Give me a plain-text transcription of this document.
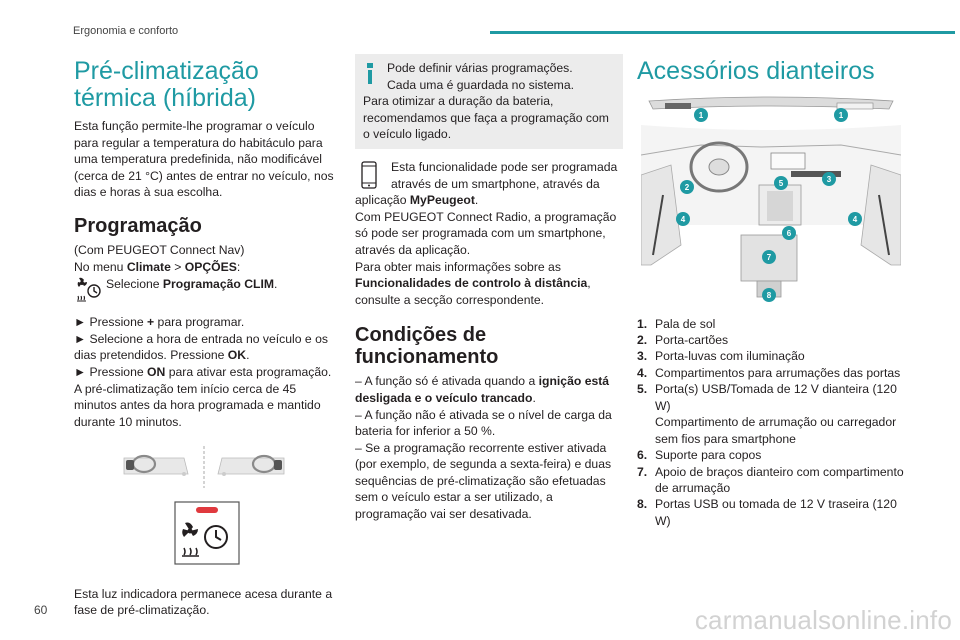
Ergonomia e conforto
Pré-climatização térmica (híbrida)
Esta função permite-lhe programar o veículo para regular a temperatura do habitáculo para uma temperatura predefinida, não modificável (cerca de 21 °C) antes de entrar no veículo, nos dias e horas à sua escolha.
Programação
(Com PEUGEOT Connect Nav)
No menu Climate > OPÇÕES:
Selecione Programação CLIM.
► Pressione + para programar.
► Selecione a hora de entrada no veículo e os dias pretendidos. Pressione OK.
► Pressione ON para ativar esta programação.
A pré-climatização tem início cerca de 45 minutos antes da hora programada e mantido durante 10 minutos.
Esta luz indicadora permanece acesa durante a fase de pré-climatização.
Pode definir várias programações.
Cada uma é guardada no sistema.
Para otimizar a duração da bateria, recomendamos que faça a programação com o veículo ligado.
Esta funcionalidade pode ser programada através de um smartphone, através da
aplicação MyPeugeot.
Com PEUGEOT Connect Radio, a programação só pode ser programada com um smartphone, através da aplicação.
Para obter mais informações sobre as Funcionalidades de controlo à distância, consulte a secção correspondente.
Condições de funcionamento
– A função só é ativada quando a ignição está desligada e o veículo trancado.
– A função não é ativada se o nível de carga da bateria for inferior a 50 %.
– Se a programação recorrente estiver ativada (por exemplo, de segunda a sexta-feira) e duas sequências de pré-climatização são efetuadas sem o veículo estar a ser utilizado, a programação vai ser desativada.
Acessórios dianteiros
1	1
2
3
4	4
5
6
7
8
1. Pala de sol
2. Porta-cartões
3. Porta-luvas com iluminação
4. Compartimentos para arrumações das portas
5. Porta(s) USB/Tomada de 12 V dianteira (120 W)
Compartimento de arrumação ou carregador sem fios para smartphone
6. Suporte para copos
7. Apoio de braços dianteiro com compartimento de arrumação
8. Portas USB ou tomada de 12 V traseira (120 W)
60	carmanualsonline.info
